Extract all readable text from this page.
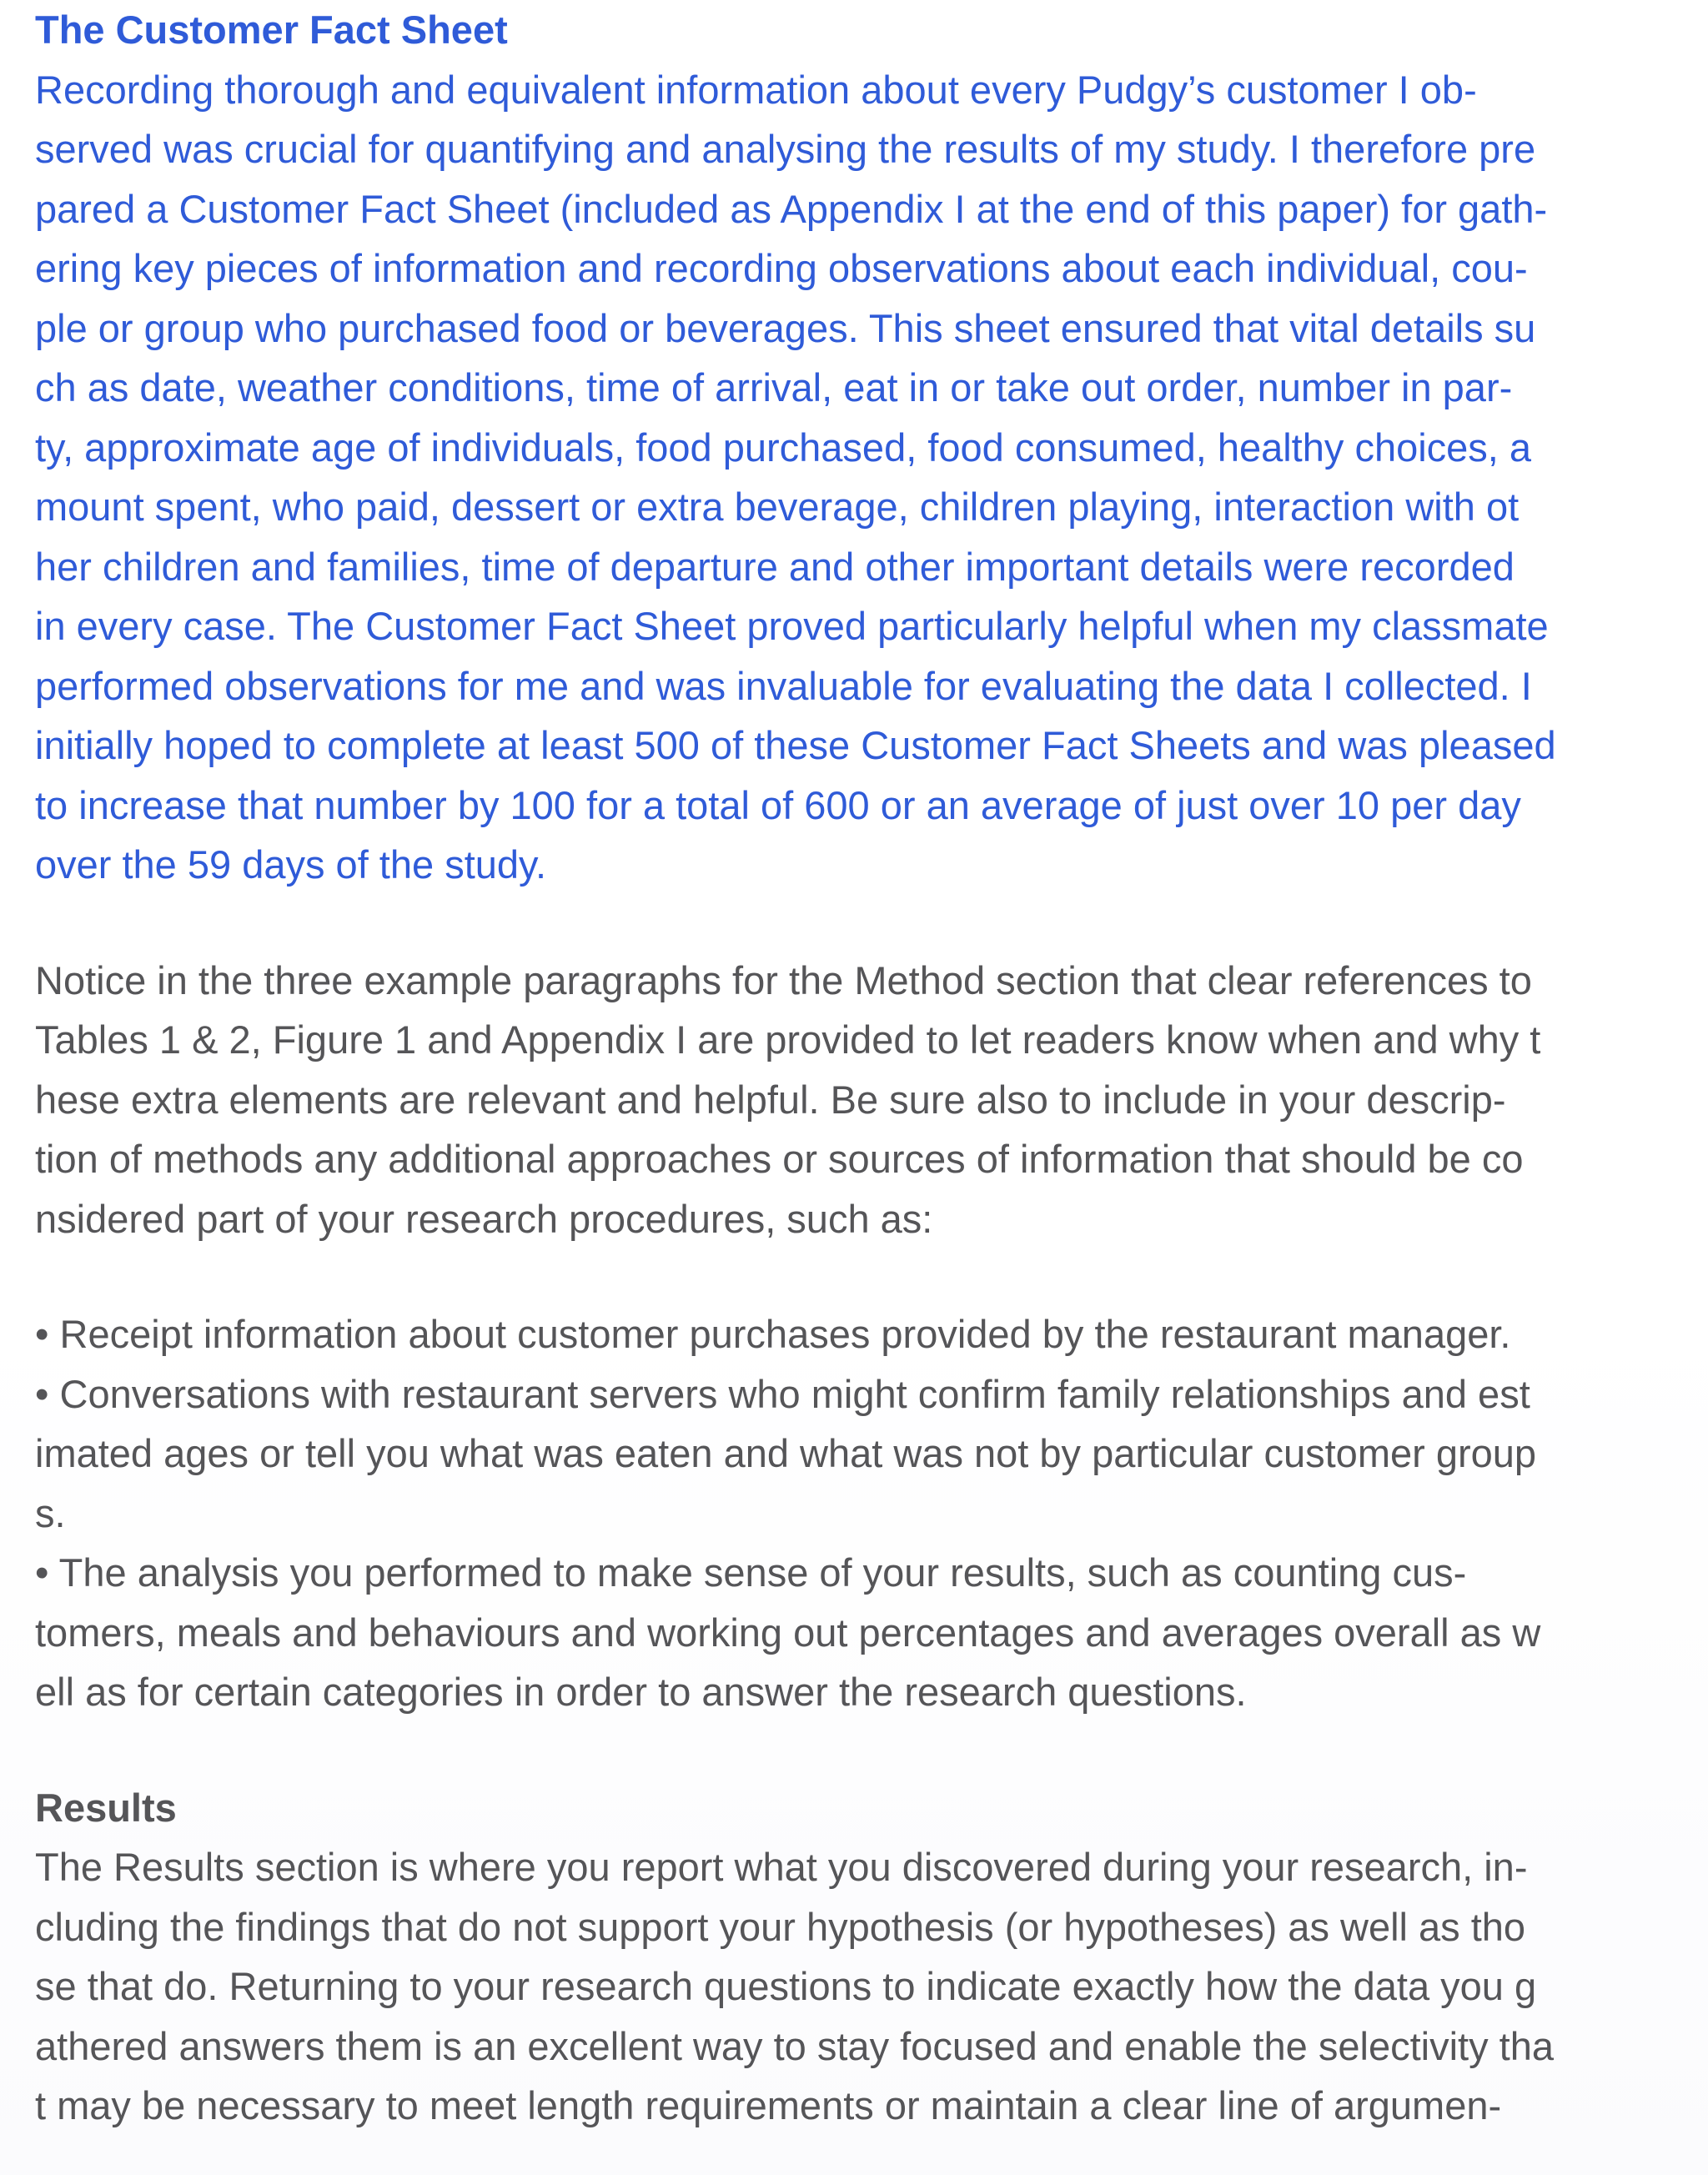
The Customer Fact Sheet
Recording thorough and equivalent information about every Pudgy’s customer I ob-
served was crucial for quantifying and analysing the results of my study. I therefore pre
pared a Customer Fact Sheet (included as Appendix I at the end of this paper) for gath-
ering key pieces of information and recording observations about each individual, cou-
ple or group who purchased food or beverages. This sheet ensured that vital details su
ch as date, weather conditions, time of arrival, eat in or take out order, number in par-
ty, approximate age of individuals, food purchased, food consumed, healthy choices, a
mount spent, who paid, dessert or extra beverage, children playing, interaction with ot
her children and families, time of departure and other important details were recorded
in every case. The Customer Fact Sheet proved particularly helpful when my classmate
performed observations for me and was invaluable for evaluating the data I collected. I
initially hoped to complete at least 500 of these Customer Fact Sheets and was pleased
to increase that number by 100 for a total of 600 or an average of just over 10 per day
over the 59 days of the study.
Notice in the three example paragraphs for the Method section that clear references to
Tables 1 & 2, Figure 1 and Appendix I are provided to let readers know when and why t
hese extra elements are relevant and helpful. Be sure also to include in your descrip-
tion of methods any additional approaches or sources of information that should be co
nsidered part of your research procedures, such as:
• Receipt information about customer purchases provided by the restaurant manager.
• Conversations with restaurant servers who might confirm family relationships and est
imated ages or tell you what was eaten and what was not by particular customer group
s.
• The analysis you performed to make sense of your results, such as counting cus-
tomers, meals and behaviours and working out percentages and averages overall as w
ell as for certain categories in order to answer the research questions.
Results
The Results section is where you report what you discovered during your research, in-
cluding the findings that do not support your hypothesis (or hypotheses) as well as tho
se that do. Returning to your research questions to indicate exactly how the data you g
athered answers them is an excellent way to stay focused and enable the selectivity tha
t may be necessary to meet length requirements or maintain a clear line of argumen-
